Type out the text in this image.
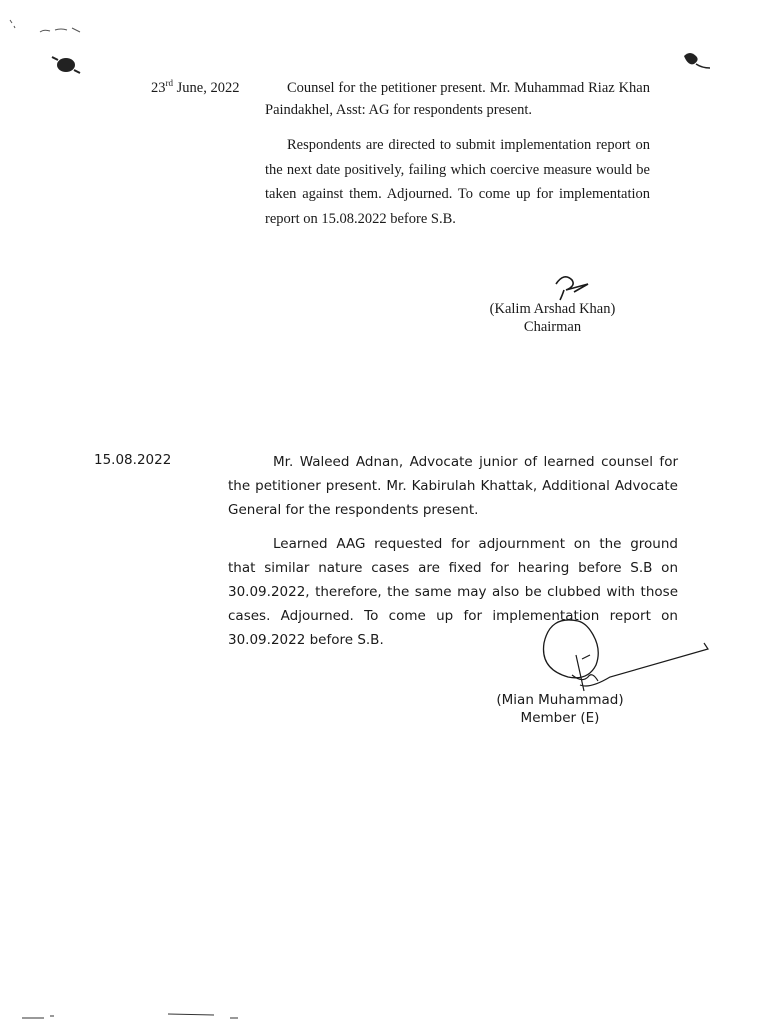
23rd June, 2022	Counsel for the petitioner present. Mr. Muhammad Riaz Khan Paindakhel, Asst: AG for respondents present.
Respondents are directed to submit implementation report on the next date positively, failing which coercive measure would be taken against them. Adjourned. To come up for implementation report on 15.08.2022 before S.B.
(Kalim Arshad Khan)
Chairman
15.08.2022	Mr. Waleed Adnan, Advocate junior of learned counsel for the petitioner present. Mr. Kabirulah Khattak, Additional Advocate General for the respondents present.
Learned AAG requested for adjournment on the ground that similar nature cases are fixed for hearing before S.B on 30.09.2022, therefore, the same may also be clubbed with those cases. Adjourned. To come up for implementation report on 30.09.2022 before S.B.
(Mian Muhammad)
Member (E)
